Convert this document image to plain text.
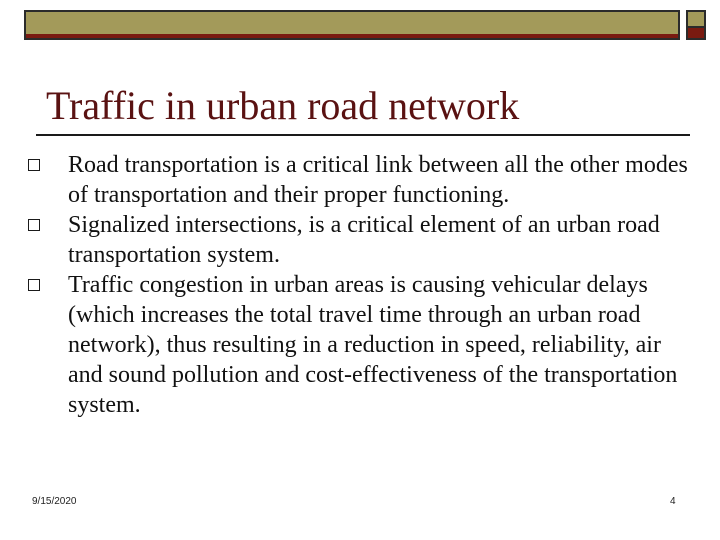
Traffic in urban road network
Road transportation is a critical link between all the other modes of transportation and their proper functioning.
Signalized intersections, is a critical element of an urban road transportation system.
Traffic congestion in urban areas is causing vehicular delays (which increases the total travel time through an urban road network), thus resulting in a reduction in speed, reliability, air and sound pollution and cost-effectiveness of the transportation system.
9/15/2020	4
